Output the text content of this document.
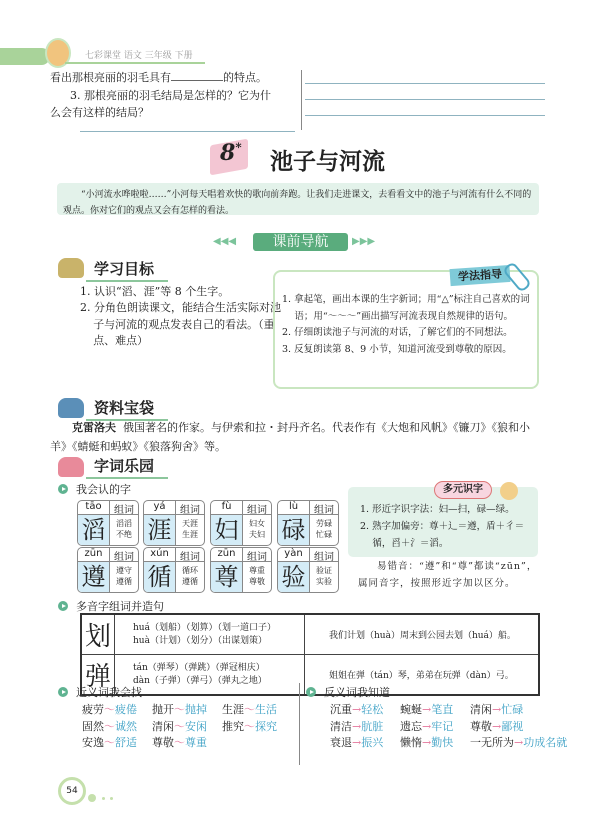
七彩课堂 语文 三年级 下册
看出那根亮丽的羽毛具有	的特点。
3. 那根亮丽的羽毛结局是怎样的？它为什
么会有这样的结局？
8*
池子与河流
“小河流水哗啦啦……”小河每天唱着欢快的歌向前奔跑。让我们走进课文，去看看文中的池子与河流有什么不同的观点。你对它们的观点又会有怎样的看法。
◀◀◀	课前导航	▶▶▶
学习目标
1. 认识“滔、涯”等 8 个生字。
2. 分角色朗读课文，能结合生活实际对池子与河流的观点发表自己的看法。（重点、难点）
学法指导
1. 拿起笔，画出本课的生字新词；用“△”标注自己喜欢的词语；用“～～～”画出描写河流表现自然规律的语句。
2. 仔细朗读池子与河流的对话，了解它们的不同想法。
3. 反复朗读第 8、9 小节，知道河流受到尊敬的原因。
资料宝袋
克雷洛夫 俄国著名的作家。与伊索和拉・封丹齐名。代表作有《大炮和风帆》《镰刀》《狼和小羊》《蜻蜓和蚂蚁》《狼落狗舍》等。
字词乐园
我会认的字
tāo	组词
滔	滔滔
不绝
yá	组词
涯	天涯
生涯
fù	组词
妇	妇女
夫妇
lù	组词
碌	劳碌
忙碌
zūn	组词
遵	遵守
遵循
xún	组词
循	循环
遵循
zūn	组词
尊	尊重
尊敬
yàn	组词
验	验证
实验
多元识字
1. 形近字识字法：妇—扫，碌—绿。
2. 熟字加偏旁：尊＋辶＝遵，盾＋彳＝循，舀＋氵＝滔。
易错音：“遵”和“尊”都读“zūn”，属同音字，按照形近字加以区分。
多音字组词并造句
划	huá（划船）（划算）（划一道口子）
huà（计划）（划分）（出谋划策）	我们计划（huà）周末到公园去划（huá）船。
弹	tán（弹琴）（弹跳）（弹冠相庆）
dàn（子弹）（弹弓）（弹丸之地）	姐姐在弹（tán）琴，弟弟在玩弹（dàn）弓。
近义词我会找
疲劳～疲倦 抛开～抛掉 生涯～生活
固然～诚然 清闲～安闲 推究～探究
安逸～舒适 尊敬～尊重
反义词我知道
沉重→轻松 蜿蜒→笔直 清闲→忙碌
清洁→肮脏 遗忘→牢记 尊敬→鄙视
衰退→振兴 懒惰→勤快 一无所为→功成名就
54
